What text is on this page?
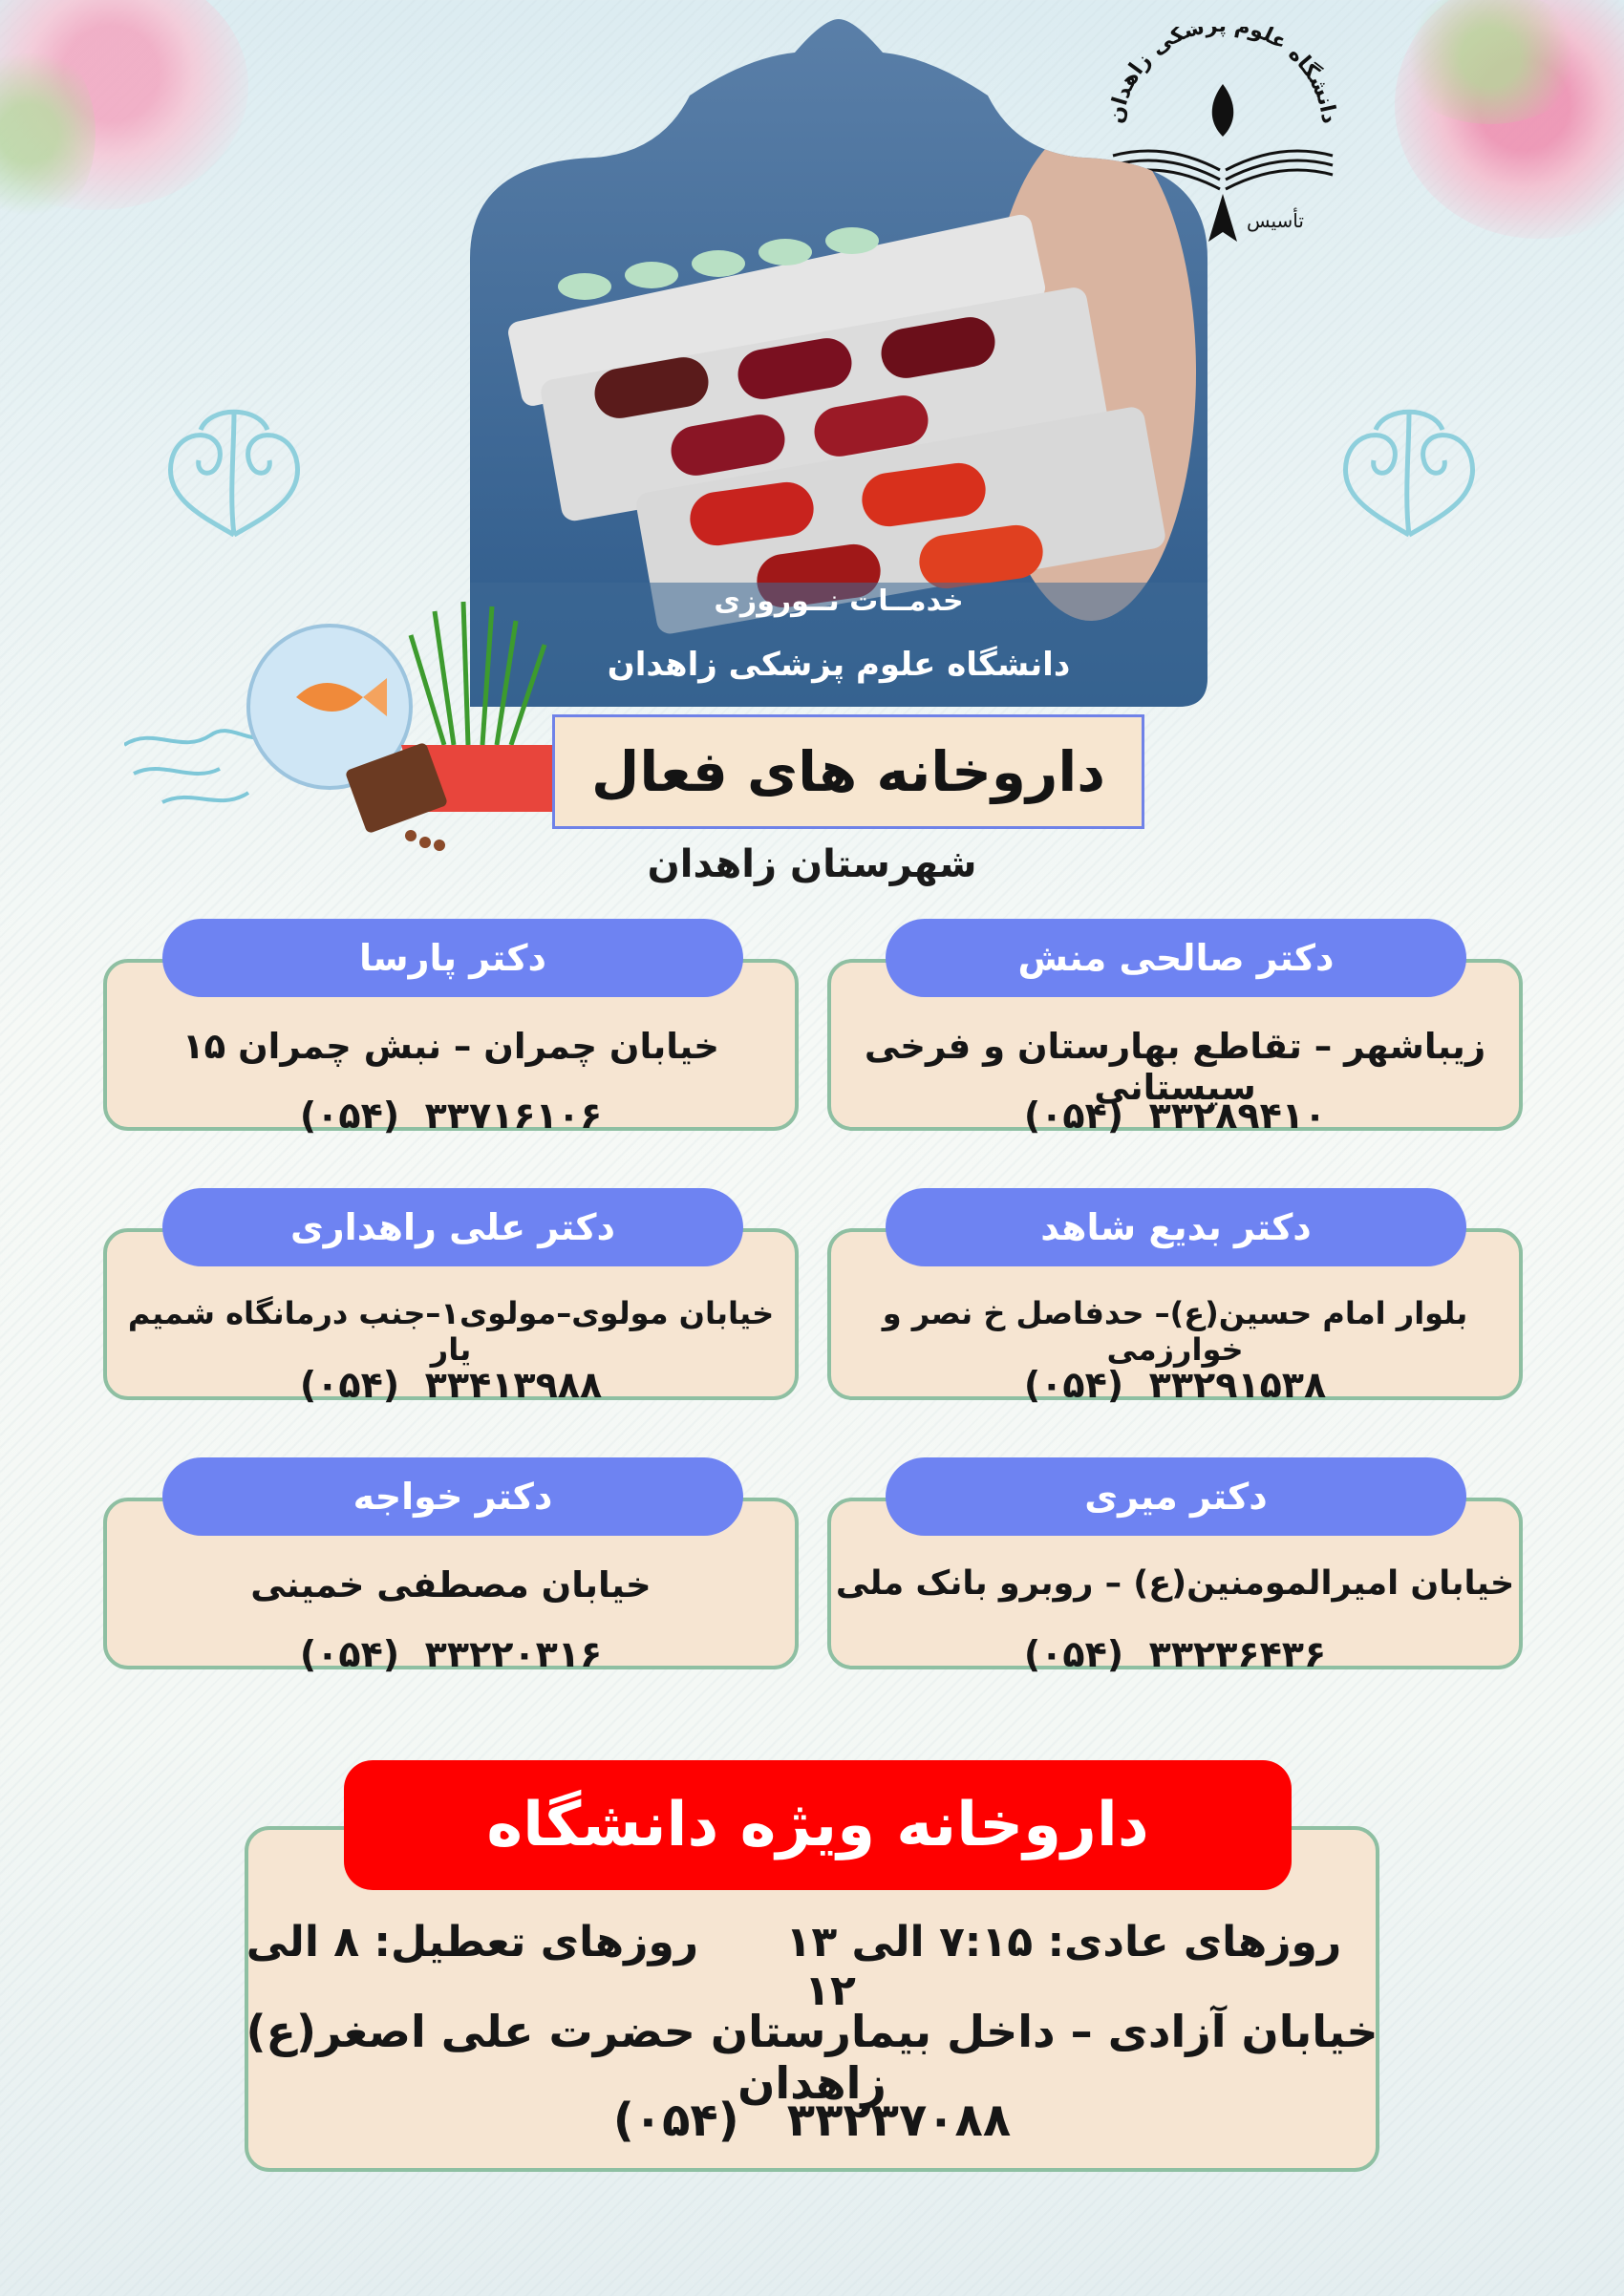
دانشگاه علوم شکی زاهدان
تأسیس
خدمــات نــوروزی
دانشگاه علوم پزشکی زاهدان
داروخانه های فعال
شهرستان زاهدان
زیباشهر – تقاطع بهارستان و فرخی سیستانی
(۰۵۴) ۳۳۲۸۹۴۱۰
دکتر صالحی منش
خیابان چمران – نبش چمران ۱۵
(۰۵۴) ۳۳۷۱۶۱۰۶
دکتر پارسا
بلوار امام حسین(ع)– حدفاصل خ نصر و خوارزمی
(۰۵۴) ۳۳۲۹۱۵۳۸
دکتر بدیع شاهد
خیابان مولوی–مولوی۱–جنب درمانگاه شمیم یار
(۰۵۴) ۳۳۴۱۳۹۸۸
دکتر علی راهداری
خیابان امیرالمومنین(ع) – روبرو بانک ملی
(۰۵۴) ۳۳۲۳۶۴۳۶
دکتر میری
خیابان مصطفی خمینی
(۰۵۴) ۳۳۲۲۰۳۱۶
دکتر خواجه
داروخانه ویژه دانشگاه
روزهای عادی: ۷:۱۵ الی ۱۳ روزهای تعطیل: ۸ الی ۱۲
خیابان آزادی – داخل بیمارستان حضرت علی اصغر(ع) زاهدان
(۰۵۴) ۳۳۲۳۷۰۸۸
